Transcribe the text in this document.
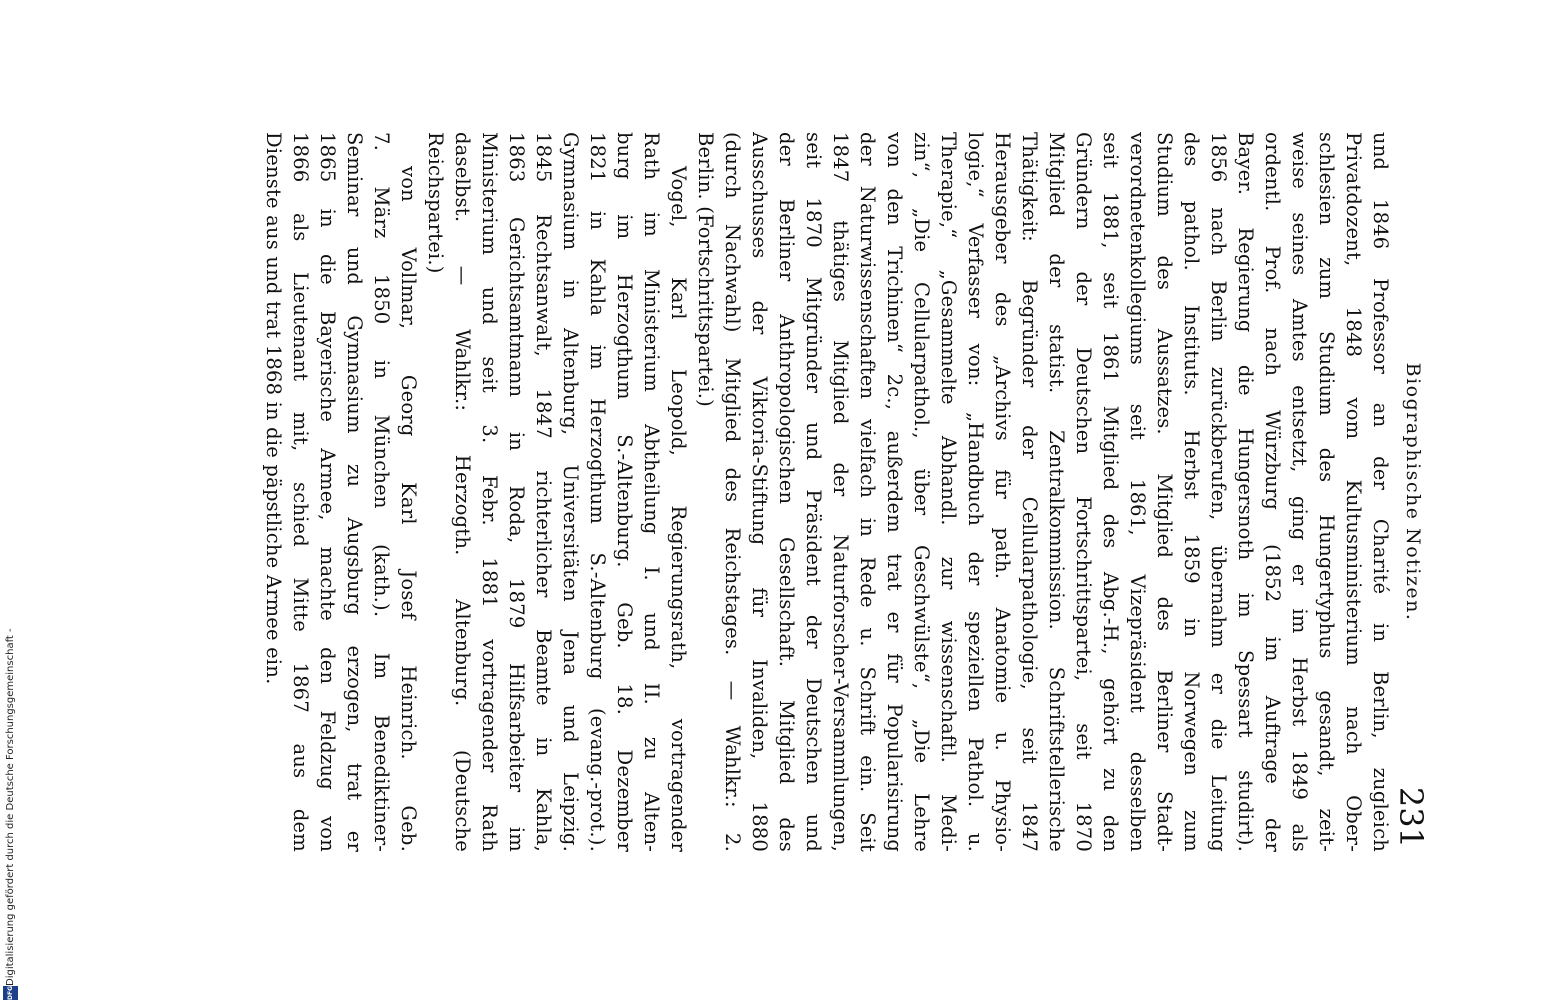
Biographische Notizen.
231
und 1846 Professor an der Charité in Berlin, zugleich
Privatdozent, 1848 vom Kultusministerium nach Ober-
schlesien zum Studium des Hungertyphus gesandt, zeit-
weise seines Amtes entsetzt, ging er im Herbst 1849 als
ordentl. Prof. nach Würzburg (1852 im Auftrage der
Bayer. Regierung die Hungersnoth im Spessart studirt).
1856 nach Berlin zurückberufen, übernahm er die Leitung
des pathol. Instituts. Herbst 1859 in Norwegen zum
Studium des Aussatzes. Mitglied des Berliner Stadt-
verordnetenkollegiums seit 1861, Vizepräsident desselben
seit 1881, seit 1861 Mitglied des Abg.-H., gehört zu den
Gründern der Deutschen Fortschrittspartei, seit 1870
Mitglied der statist. Zentralkommission. Schriftstellerische
Thätigkeit: Begründer der Cellularpathologie, seit 1847
Herausgeber des „Archivs für path. Anatomie u. Physio-
logie,“ Verfasser von: „Handbuch der speziellen Pathol. u.
Therapie,“ „Gesammelte Abhandl. zur wissenschaftl. Medi-
zin“, „Die Cellularpathol., über Geschwülste“, „Die Lehre
von den Trichinen“ 2c., außerdem trat er für Popularisirung
der Naturwissenschaften vielfach in Rede u. Schrift ein. Seit
1847 thätiges Mitglied der Naturforscher-Versammlungen,
seit 1870 Mitgründer und Präsident der Deutschen und
der Berliner Anthropologischen Gesellschaft. Mitglied des
Ausschusses der Viktoria-Stiftung für Invaliden, 1880
(durch Nachwahl) Mitglied des Reichstages. — Wahlkr.: 2.
Berlin. (Fortschrittspartei.)
Vogel, Karl Leopold, Regierungsrath, vortragender
Rath im Ministerium Abtheilung I. und II. zu Alten-
burg im Herzogthum S.-Altenburg. Geb. 18. Dezember
1821 in Kahla im Herzogthum S.-Altenburg (evang.-prot.).
Gymnasium in Altenburg, Universitäten Jena und Leipzig.
1845 Rechtsanwalt, 1847 richterlicher Beamte in Kahla,
1863 Gerichtsamtmann in Roda, 1879 Hilfsarbeiter im
Ministerium und seit 3. Febr. 1881 vortragender Rath
daselbst. — Wahlkr.: Herzogth. Altenburg. (Deutsche
Reichspartei.)
von Vollmar, Georg Karl Josef Heinrich. Geb.
7. März 1850 in München (kath.). Im Benediktiner-
Seminar und Gymnasium zu Augsburg erzogen, trat er
1865 in die Bayerische Armee, machte den Feldzug von
1866 als Lieutenant mit, schied Mitte 1867 aus dem
Dienste aus und trat 1868 in die päpstliche Armee ein.
DFG
Digitalisierung gefördert durch die Deutsche Forschungsgemeinschaft -
